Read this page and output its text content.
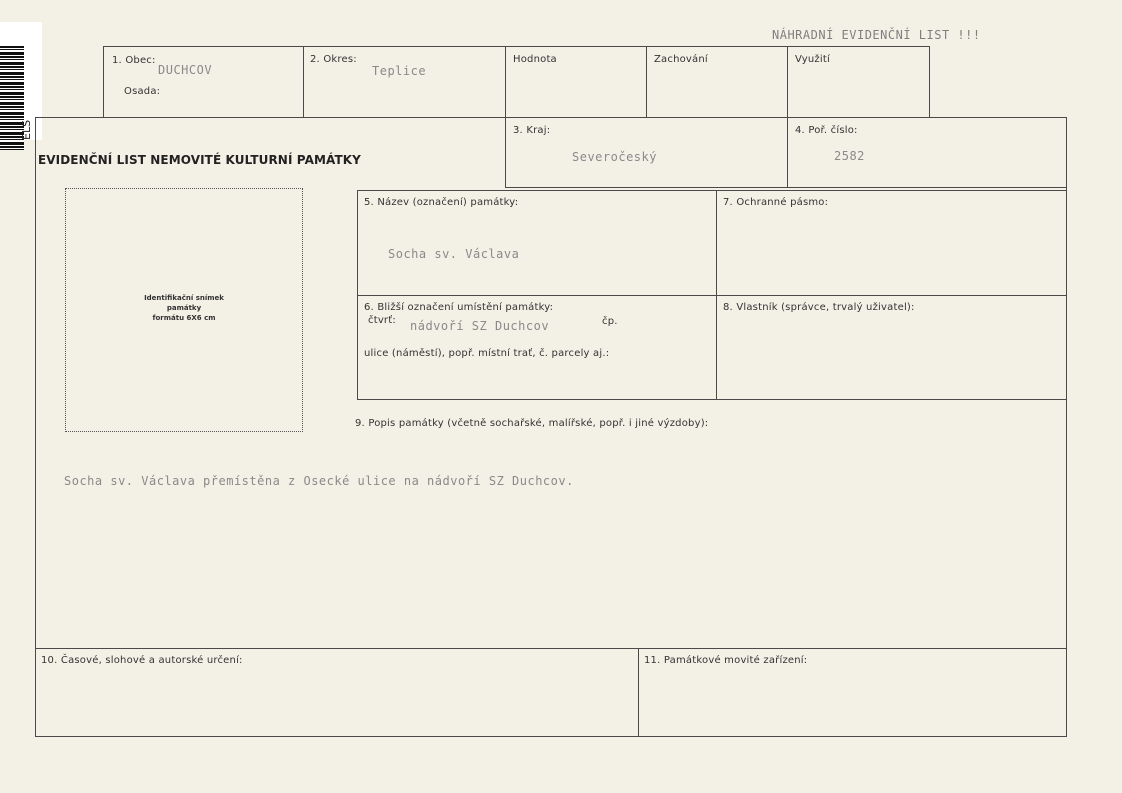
ELS
NÁHRADNÍ EVIDENČNÍ LIST !!!
1. Obec:
DUCHCOV
Osada:
2. Okres:
Teplice
Hodnota	Zachování	Využití
EVIDENČNÍ LIST NEMOVITÉ KULTURNÍ PAMÁTKY
3. Kraj:
Severočeský
4. Poř. číslo:
2582
Identifikační snímek
památky
formátu 6X6 cm
5. Název (označení) památky:
Socha sv. Václava
7. Ochranné pásmo:
6. Bližší označení umístění památky:
čtvrť: nádvoří SZ Duchcov	čp.
ulice (náměstí), popř. místní trať, č. parcely aj.:
8. Vlastník (správce, trvalý uživatel):
9. Popis památky (včetně sochařské, malířské, popř. i jiné výzdoby):
Socha sv. Václava přemístěna z Osecké ulice na nádvoří SZ Duchcov.
10. Časové, slohové a autorské určení:	11. Památkové movité zařízení:
